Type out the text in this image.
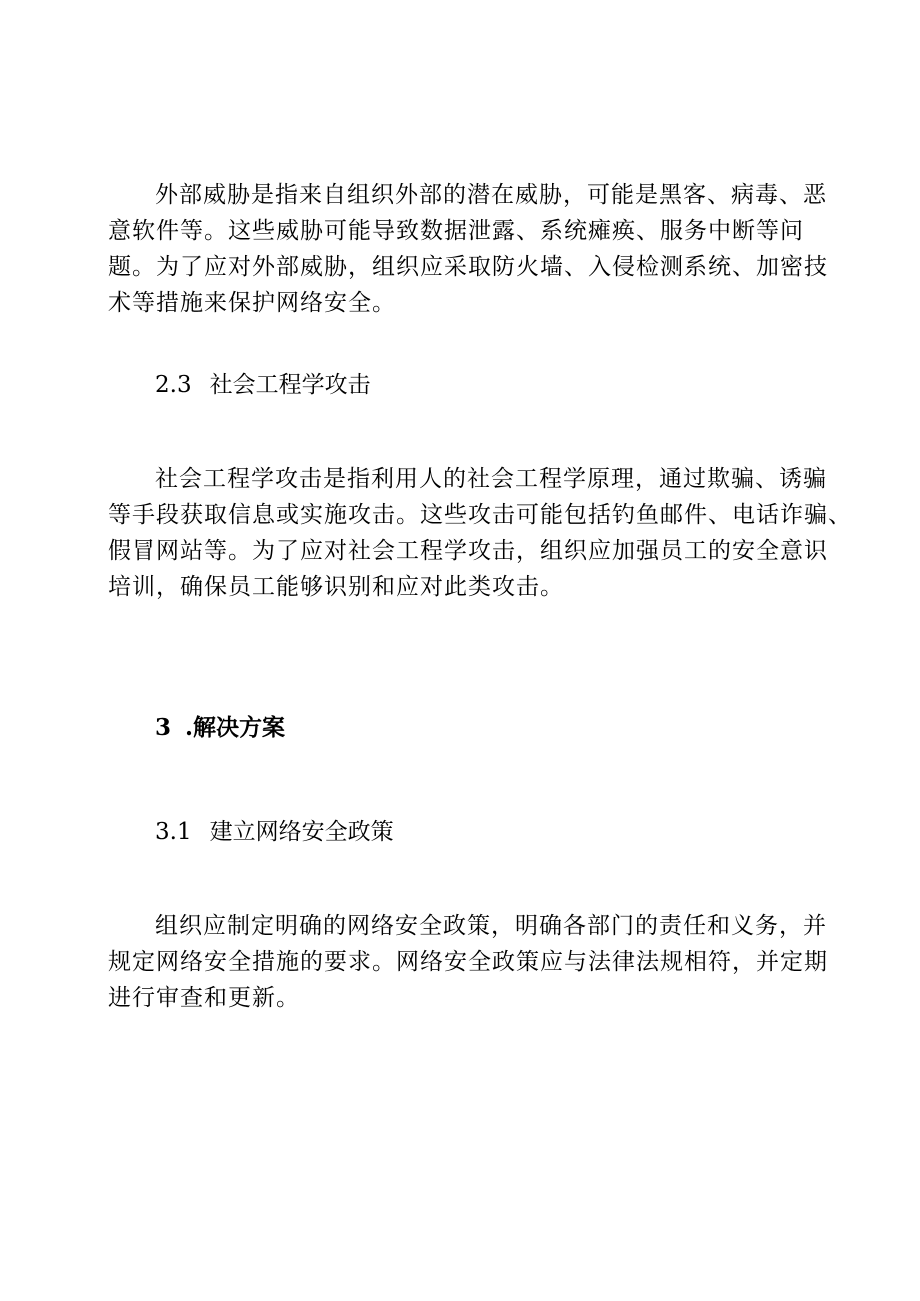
外部威胁是指来自组织外部的潜在威胁，可能是黑客、病毒、恶
意软件等。这些威胁可能导致数据泄露、系统瘫痪、服务中断等问
题。为了应对外部威胁，组织应采取防火墙、入侵检测系统、加密技
术等措施来保护网络安全。

2.3 社会工程学攻击

社会工程学攻击是指利用人的社会工程学原理，通过欺骗、诱骗
等手段获取信息或实施攻击。这些攻击可能包括钓鱼邮件、电话诈骗、
假冒网站等。为了应对社会工程学攻击，组织应加强员工的安全意识
培训，确保员工能够识别和应对此类攻击。

3 .解决方案
3.1 建立网络安全政策

组织应制定明确的网络安全政策，明确各部门的责任和义务，并
规定网络安全措施的要求。网络安全政策应与法律法规相符，并定期
进行审查和更新。
